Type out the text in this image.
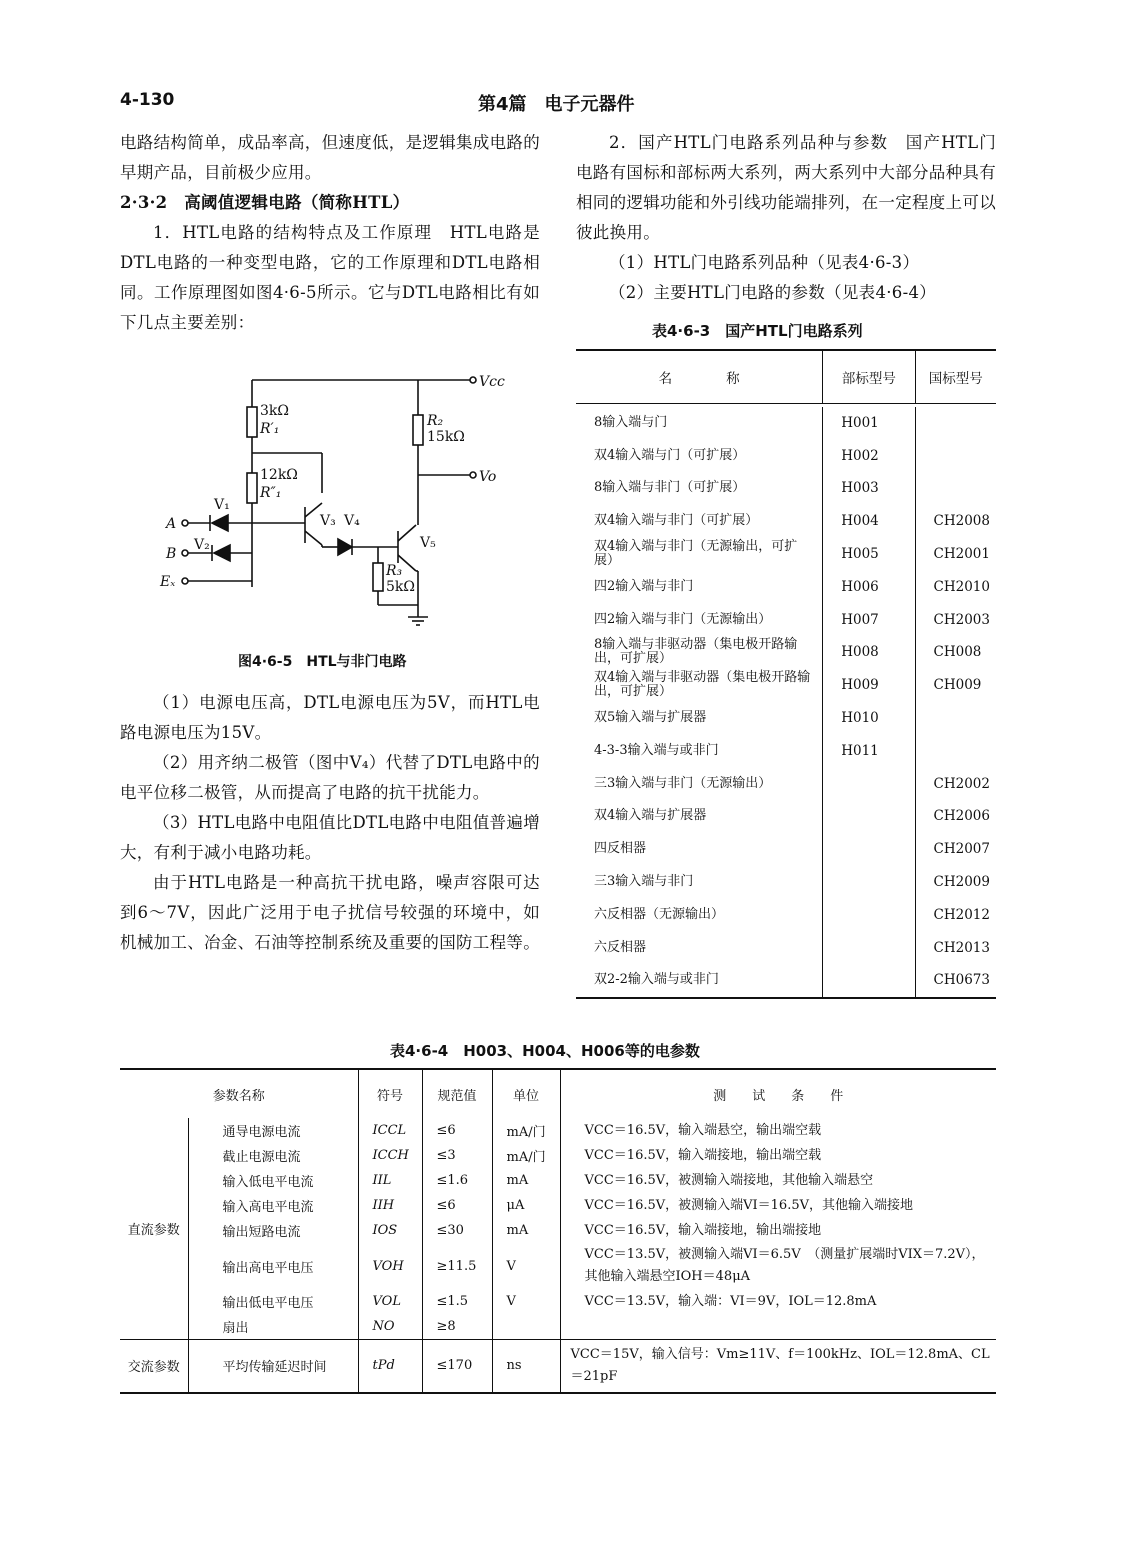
4-130	第4篇　电子元器件

电路结构简单，成品率高，但速度低，是逻辑集成电路的早期产品，目前极少应用。

2·3·2　高阈值逻辑电路（简称HTL）

1．HTL电路的结构特点及工作原理　HTL电路是DTL电路的一种变型电路，它的工作原理和DTL电路相同。工作原理图如图4·6-5所示。它与DTL电路相比有如下几点主要差别：

Vcc
Vo
3kΩ
R′₁
12kΩ
R″₁
R₂
15kΩ
R₃
5kΩ
V₁
V₂
V₃ V₄
V₅
A
B
Eₓ
图4·6-5　HTL与非门电路

（1）电源电压高，DTL电源电压为5V，而HTL电路电源电压为15V。

（2）用齐纳二极管（图中V₄）代替了DTL电路中的电平位移二极管，从而提高了电路的抗干扰能力。

（3）HTL电路中电阻值比DTL电路中电阻值普遍增大，有利于减小电路功耗。

由于HTL电路是一种高抗干扰电路，噪声容限可达到6～7V，因此广泛用于电子扰信号较强的环境中，如机械加工、冶金、石油等控制系统及重要的国防工程等。

2．国产HTL门电路系列品种与参数　国产HTL门电路有国标和部标两大系列，两大系列中大部分品种具有相同的逻辑功能和外引线功能端排列，在一定程度上可以彼此换用。

（1）HTL门电路系列品种（见表4·6-3）

（2）主要HTL门电路的参数（见表4·6-4）

表4·6-3　国产HTL门电路系列
名　　　　称	部标型号	国标型号

8输入端与门	H001	
双4输入端与门（可扩展）	H002	
8输入端与非门（可扩展）	H003	
双4输入端与非门（可扩展）	H004	CH2008
双4输入端与非门（无源输出，可扩展）	H005	CH2001
四2输入端与非门	H006	CH2010
四2输入端与非门（无源输出）	H007	CH2003
8输入端与非驱动器（集电极开路输出，可扩展）	H008	CH008
双4输入端与非驱动器（集电极开路输出，可扩展）	H009	CH009
双5输入端与扩展器	H010	
4-3-3输入端与或非门	H011	
三3输入端与非门（无源输出）		CH2002
双4输入端与扩展器		CH2006
四反相器		CH2007
三3输入端与非门		CH2009
六反相器（无源输出）		CH2012
六反相器		CH2013
双2-2输入端与或非门		CH0673
表4·6-4　H003、H004、H006等的电参数
参数名称		符号	规范值	单位	测　　试　　条　　件
直流参数	通导电源电流	ICCL	≤6	mA/门	VCC＝16.5V，输入端悬空，输出端空载
	截止电源电流	ICCH	≤3	mA/门	VCC＝16.5V，输入端接地，输出端空载
	输入低电平电流	IIL	≤1.6	mA	VCC＝16.5V，被测输入端接地，其他输入端悬空
	输入高电平电流	IIH	≤6	μA	VCC＝16.5V，被测输入端VI＝16.5V，其他输入端接地
	输出短路电流	IOS	≤30	mA	VCC＝16.5V，输入端接地，输出端接地
	输出高电平电压	VOH	≥11.5	V	VCC＝13.5V，被测输入端VI＝6.5V　（测量扩展端时VIX＝7.2V），其他输入端悬空IOH＝48μA
	输出低电平电压	VOL	≤1.5	V	VCC＝13.5V，输入端：VI＝9V，IOL＝12.8mA
	扇出	NO	≥8		

交流参数	平均传输延迟时间	tPd	≤170	ns	VCC＝15V，输入信号：Vm≥11V、f＝100kHz、IOL＝12.8mA、CL＝21pF
